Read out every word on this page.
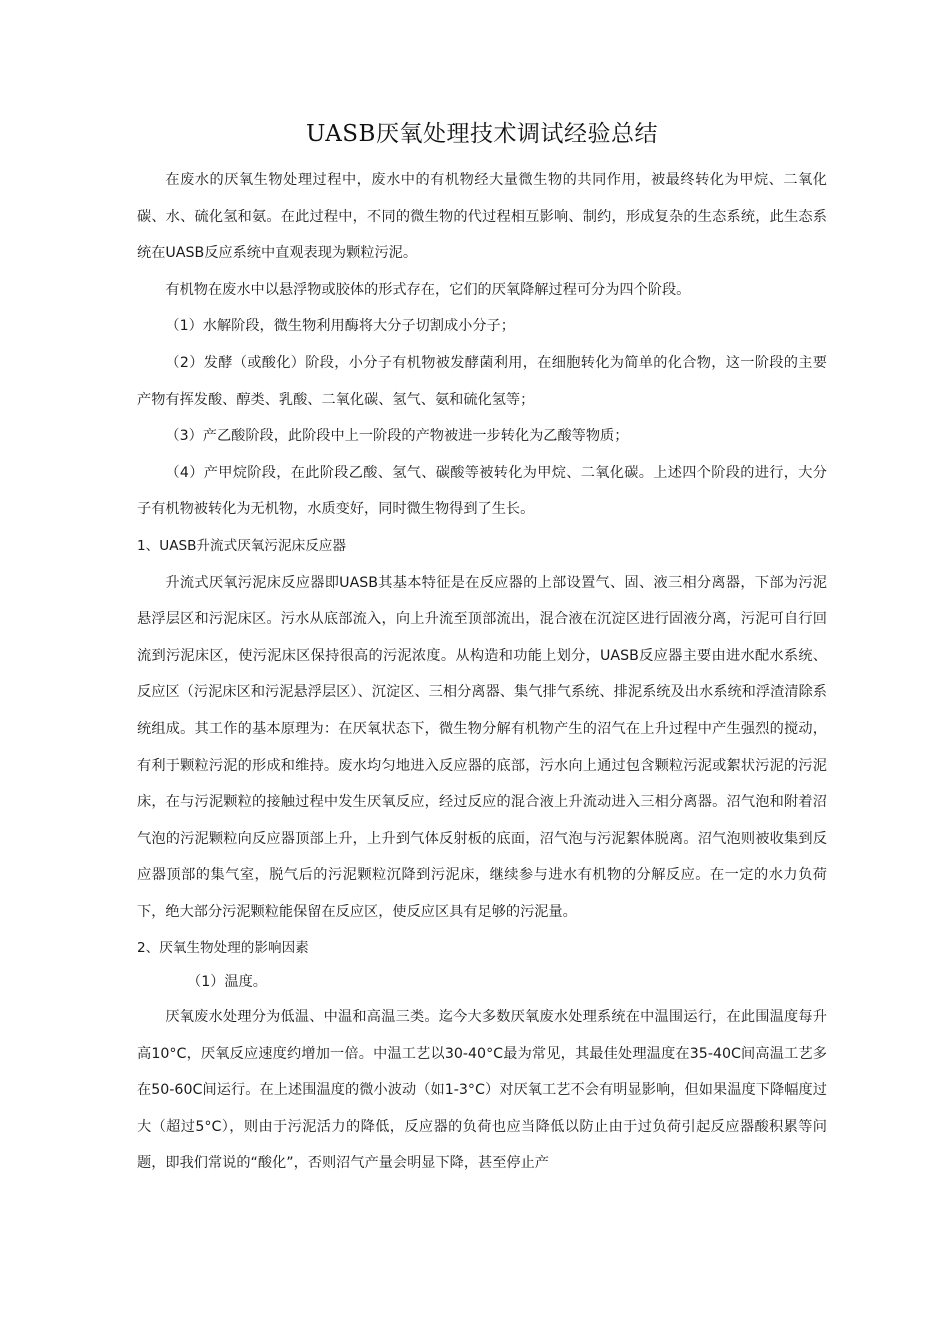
UASB厌氧处理技术调试经验总结

在废水的厌氧生物处理过程中，废水中的有机物经大量微生物的共同作用，被最终转化为甲烷、二氧化碳、水、硫化氢和氨。在此过程中，不同的微生物的代过程相互影响、制约，形成复杂的生态系统，此生态系统在UASB反应系统中直观表现为颗粒污泥。

有机物在废水中以悬浮物或胶体的形式存在，它们的厌氧降解过程可分为四个阶段。

（1）水解阶段，微生物利用酶将大分子切割成小分子；

（2）发酵（或酸化）阶段，小分子有机物被发酵菌利用，在细胞转化为简单的化合物，这一阶段的主要产物有挥发酸、醇类、乳酸、二氧化碳、氢气、氨和硫化氢等；

（3）产乙酸阶段，此阶段中上一阶段的产物被进一步转化为乙酸等物质；

（4）产甲烷阶段，在此阶段乙酸、氢气、碳酸等被转化为甲烷、二氧化碳。上述四个阶段的进行，大分子有机物被转化为无机物，水质变好，同时微生物得到了生长。

1、UASB升流式厌氧污泥床反应器

升流式厌氧污泥床反应器即UASB其基本特征是在反应器的上部设置气、固、液三相分离器，下部为污泥悬浮层区和污泥床区。污水从底部流入，向上升流至顶部流出，混合液在沉淀区进行固液分离，污泥可自行回流到污泥床区，使污泥床区保持很高的污泥浓度。从构造和功能上划分，UASB反应器主要由进水配水系统、反应区（污泥床区和污泥悬浮层区）、沉淀区、三相分离器、集气排气系统、排泥系统及出水系统和浮渣清除系统组成。其工作的基本原理为：在厌氧状态下，微生物分解有机物产生的沼气在上升过程中产生强烈的搅动，有利于颗粒污泥的形成和维持。废水均匀地进入反应器的底部，污水向上通过包含颗粒污泥或絮状污泥的污泥床，在与污泥颗粒的接触过程中发生厌氧反应，经过反应的混合液上升流动进入三相分离器。沼气泡和附着沼气泡的污泥颗粒向反应器顶部上升，上升到气体反射板的底面，沼气泡与污泥絮体脱离。沼气泡则被收集到反应器顶部的集气室，脱气后的污泥颗粒沉降到污泥床，继续参与进水有机物的分解反应。在一定的水力负荷下，绝大部分污泥颗粒能保留在反应区，使反应区具有足够的污泥量。

2、厌氧生物处理的影响因素

（1）温度。

厌氧废水处理分为低温、中温和高温三类。迄今大多数厌氧废水处理系统在中温围运行，在此围温度每升高10°C，厌氧反应速度约增加一倍。中温工艺以30-40°C最为常见，其最佳处理温度在35-40C间高温工艺多在50-60C间运行。在上述围温度的微小波动（如1-3°C）对厌氧工艺不会有明显影响，但如果温度下降幅度过大（超过5°C），则由于污泥活力的降低，反应器的负荷也应当降低以防止由于过负荷引起反应器酸积累等问题，即我们常说的“酸化”，否则沼气产量会明显下降，甚至停止产
